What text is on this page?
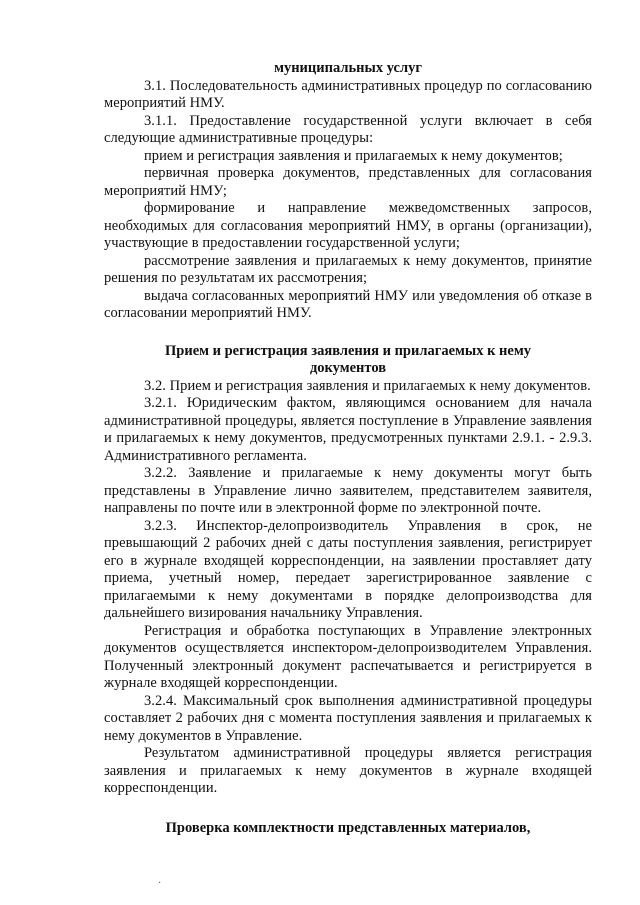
муниципальных услуг

3.1. Последовательность административных процедур по согласованию мероприятий НМУ.

3.1.1. Предоставление государственной услуги включает в себя следующие административные процедуры:

прием и регистрация заявления и прилагаемых к нему документов;

первичная проверка документов, представленных для согласования мероприятий НМУ;

формирование и направление межведомственных запросов, необходимых для согласования мероприятий НМУ, в органы (организации), участвующие в предоставлении государственной услуги;

рассмотрение заявления и прилагаемых к нему документов, принятие решения по результатам их рассмотрения;

выдача согласованных мероприятий НМУ или уведомления об отказе в согласовании мероприятий НМУ.

Прием и регистрация заявления и прилагаемых к нему
документов

3.2. Прием и регистрация заявления и прилагаемых к нему документов.

3.2.1. Юридическим фактом, являющимся основанием для начала административной процедуры, является поступление в Управление заявления и прилагаемых к нему документов, предусмотренных пунктами 2.9.1. - 2.9.3. Административного регламента.

3.2.2. Заявление и прилагаемые к нему документы могут быть представлены в Управление лично заявителем, представителем заявителя, направлены по почте или в электронной форме по электронной почте.

3.2.3. Инспектор-делопроизводитель Управления в срок, не превышающий 2 рабочих дней с даты поступления заявления, регистрирует его в журнале входящей корреспонденции, на заявлении проставляет дату приема, учетный номер, передает зарегистрированное заявление с прилагаемыми к нему документами в порядке делопроизводства для дальнейшего визирования начальнику Управления.

Регистрация и обработка поступающих в Управление электронных документов осуществляется инспектором-делопроизводителем Управления. Полученный электронный документ распечатывается и регистрируется в журнале входящей корреспонденции.

3.2.4. Максимальный срок выполнения административной процедуры составляет 2 рабочих дня с момента поступления заявления и прилагаемых к нему документов в Управление.

Результатом административной процедуры является регистрация заявления и прилагаемых к нему документов в журнале входящей корреспонденции.

Проверка комплектности представленных материалов,
·
